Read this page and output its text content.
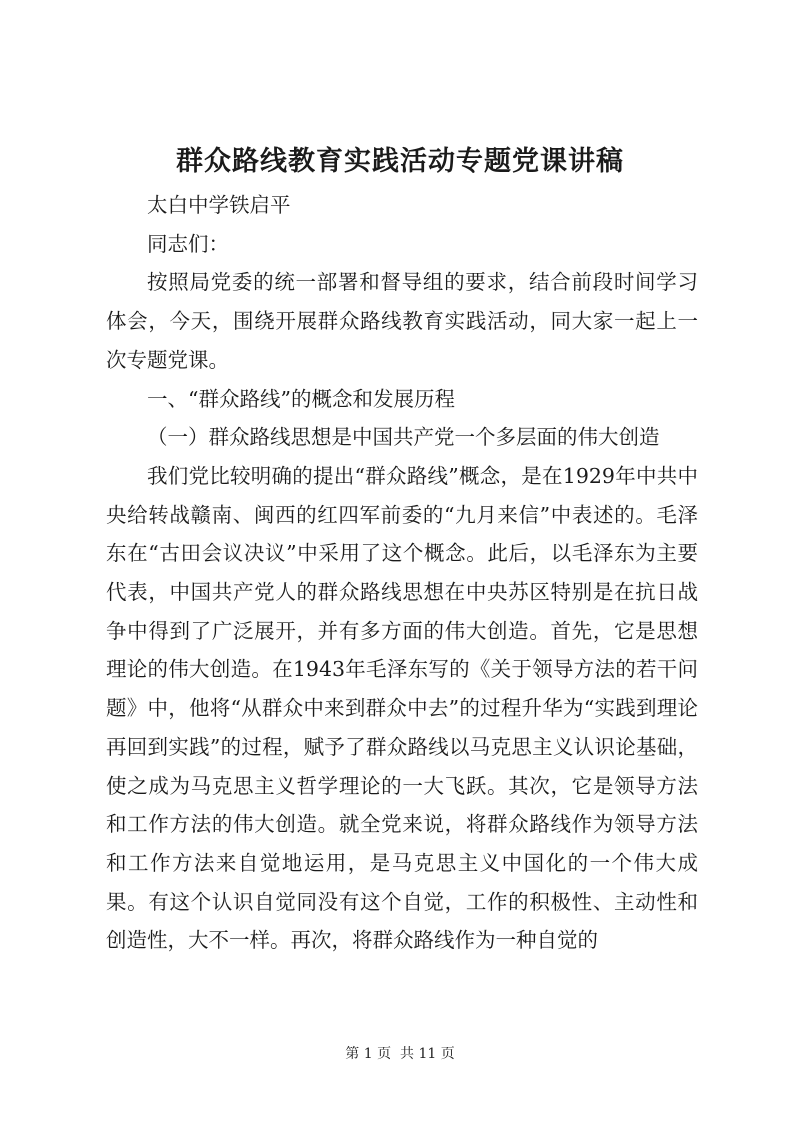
群众路线教育实践活动专题党课讲稿

太白中学铁启平

同志们：

按照局党委的统一部署和督导组的要求，结合前段时间学习体会，今天，围绕开展群众路线教育实践活动，同大家一起上一次专题党课。

一、“群众路线”的概念和发展历程

（一）群众路线思想是中国共产党一个多层面的伟大创造

我们党比较明确的提出“群众路线”概念，是在1929年中共中央给转战赣南、闽西的红四军前委的“九月来信”中表述的。毛泽东在“古田会议决议”中采用了这个概念。此后，以毛泽东为主要代表，中国共产党人的群众路线思想在中央苏区特别是在抗日战争中得到了广泛展开，并有多方面的伟大创造。首先，它是思想理论的伟大创造。在1943年毛泽东写的《关于领导方法的若干问题》中，他将“从群众中来到群众中去”的过程升华为“实践到理论再回到实践”的过程，赋予了群众路线以马克思主义认识论基础，使之成为马克思主义哲学理论的一大飞跃。其次，它是领导方法和工作方法的伟大创造。就全党来说，将群众路线作为领导方法和工作方法来自觉地运用，是马克思主义中国化的一个伟大成果。有这个认识自觉同没有这个自觉，工作的积极性、主动性和创造性，大不一样。再次，将群众路线作为一种自觉的

第 1 页  共 11 页
